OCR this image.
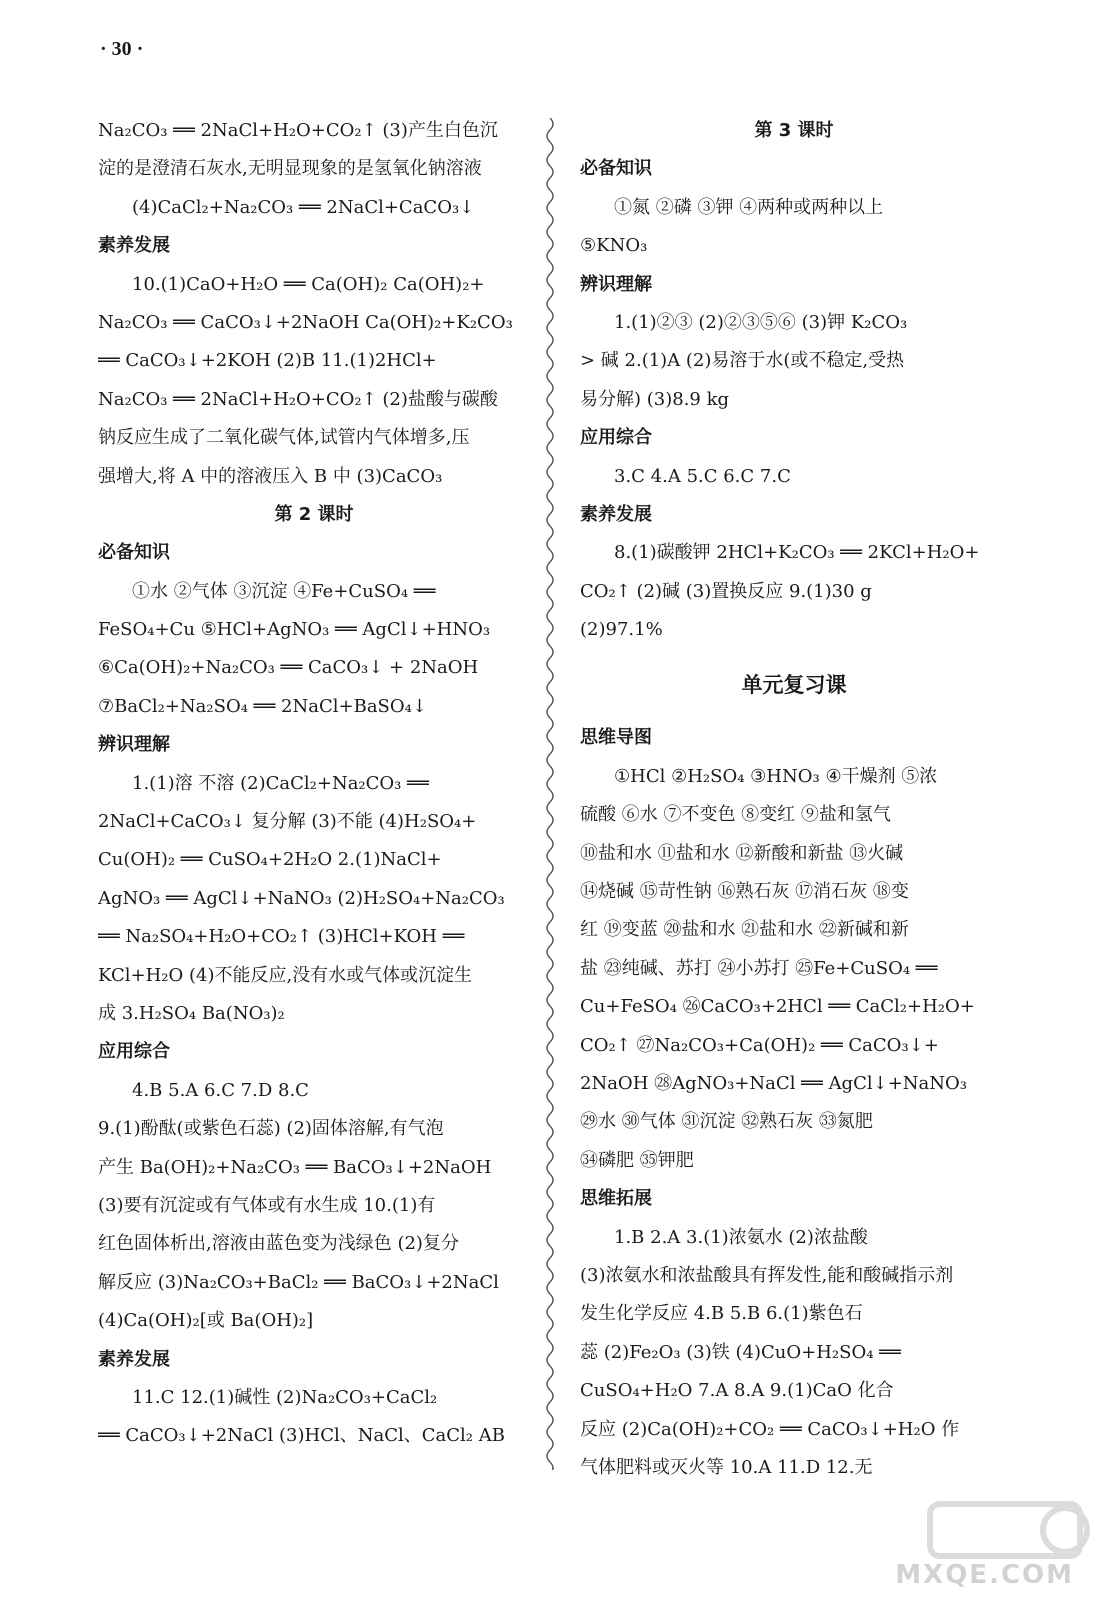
· 30 ·
Na₂CO₃ ══ 2NaCl+H₂O+CO₂↑ (3)产生白色沉
淀的是澄清石灰水,无明显现象的是氢氧化钠溶液
(4)CaCl₂+Na₂CO₃ ══ 2NaCl+CaCO₃↓
素养发展
10.(1)CaO+H₂O ══ Ca(OH)₂ Ca(OH)₂+
Na₂CO₃ ══ CaCO₃↓+2NaOH Ca(OH)₂+K₂CO₃
══ CaCO₃↓+2KOH (2)B 11.(1)2HCl+
Na₂CO₃ ══ 2NaCl+H₂O+CO₂↑ (2)盐酸与碳酸
钠反应生成了二氧化碳气体,试管内气体增多,压
强增大,将 A 中的溶液压入 B 中 (3)CaCO₃
第 2 课时
必备知识
①水 ②气体 ③沉淀 ④Fe+CuSO₄ ══
FeSO₄+Cu ⑤HCl+AgNO₃ ══ AgCl↓+HNO₃
⑥Ca(OH)₂+Na₂CO₃ ══ CaCO₃↓ + 2NaOH
⑦BaCl₂+Na₂SO₄ ══ 2NaCl+BaSO₄↓
辨识理解
1.(1)溶 不溶 (2)CaCl₂+Na₂CO₃ ══
2NaCl+CaCO₃↓ 复分解 (3)不能 (4)H₂SO₄+
Cu(OH)₂ ══ CuSO₄+2H₂O 2.(1)NaCl+
AgNO₃ ══ AgCl↓+NaNO₃ (2)H₂SO₄+Na₂CO₃
══ Na₂SO₄+H₂O+CO₂↑ (3)HCl+KOH ══
KCl+H₂O (4)不能反应,没有水或气体或沉淀生
成 3.H₂SO₄ Ba(NO₃)₂
应用综合
4.B 5.A 6.C 7.D 8.C
9.(1)酚酞(或紫色石蕊) (2)固体溶解,有气泡
产生 Ba(OH)₂+Na₂CO₃ ══ BaCO₃↓+2NaOH
(3)要有沉淀或有气体或有水生成 10.(1)有
红色固体析出,溶液由蓝色变为浅绿色 (2)复分
解反应 (3)Na₂CO₃+BaCl₂ ══ BaCO₃↓+2NaCl
(4)Ca(OH)₂[或 Ba(OH)₂]
素养发展
11.C 12.(1)碱性 (2)Na₂CO₃+CaCl₂
══ CaCO₃↓+2NaCl (3)HCl、NaCl、CaCl₂ AB
第 3 课时
必备知识
①氮 ②磷 ③钾 ④两种或两种以上
⑤KNO₃
辨识理解
1.(1)②③ (2)②③⑤⑥ (3)钾 K₂CO₃
> 碱 2.(1)A (2)易溶于水(或不稳定,受热
易分解) (3)8.9 kg
应用综合
3.C 4.A 5.C 6.C 7.C
素养发展
8.(1)碳酸钾 2HCl+K₂CO₃ ══ 2KCl+H₂O+
CO₂↑ (2)碱 (3)置换反应 9.(1)30 g
(2)97.1%
单元复习课
思维导图
①HCl ②H₂SO₄ ③HNO₃ ④干燥剂 ⑤浓
硫酸 ⑥水 ⑦不变色 ⑧变红 ⑨盐和氢气
⑩盐和水 ⑪盐和水 ⑫新酸和新盐 ⑬火碱
⑭烧碱 ⑮苛性钠 ⑯熟石灰 ⑰消石灰 ⑱变
红 ⑲变蓝 ⑳盐和水 ㉑盐和水 ㉒新碱和新
盐 ㉓纯碱、苏打 ㉔小苏打 ㉕Fe+CuSO₄ ══
Cu+FeSO₄ ㉖CaCO₃+2HCl ══ CaCl₂+H₂O+
CO₂↑ ㉗Na₂CO₃+Ca(OH)₂ ══ CaCO₃↓+
2NaOH ㉘AgNO₃+NaCl ══ AgCl↓+NaNO₃
㉙水 ㉚气体 ㉛沉淀 ㉜熟石灰 ㉝氮肥
㉞磷肥 ㉟钾肥
思维拓展
1.B 2.A 3.(1)浓氨水 (2)浓盐酸
(3)浓氨水和浓盐酸具有挥发性,能和酸碱指示剂
发生化学反应 4.B 5.B 6.(1)紫色石
蕊 (2)Fe₂O₃ (3)铁 (4)CuO+H₂SO₄ ══
CuSO₄+H₂O 7.A 8.A 9.(1)CaO 化合
反应 (2)Ca(OH)₂+CO₂ ══ CaCO₃↓+H₂O 作
气体肥料或灭火等 10.A 11.D 12.无
MXQE.COM
